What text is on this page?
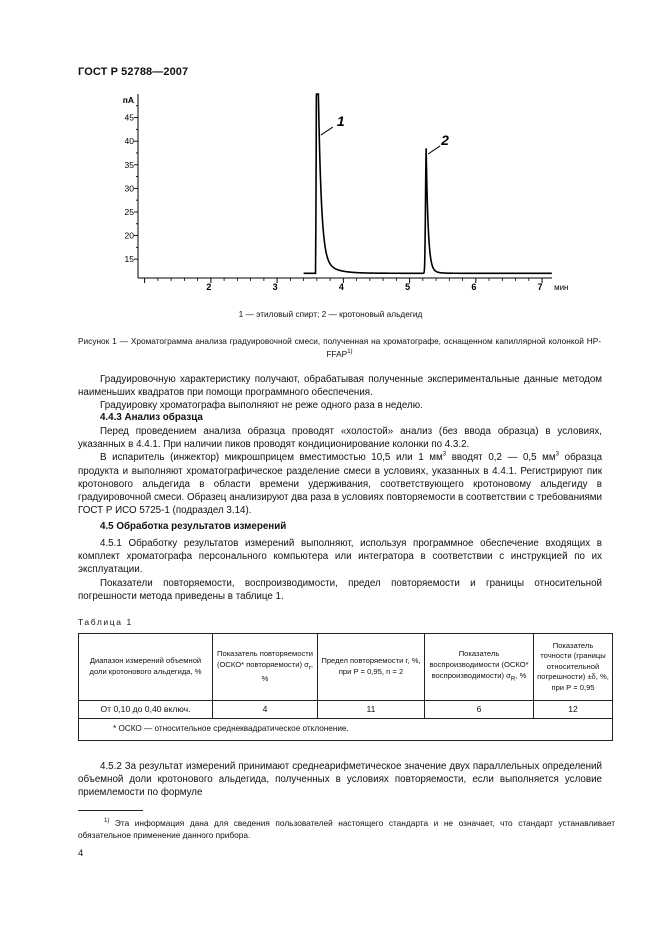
ГОСТ Р 52788—2007
2	3	4	5	6	7
15
20
25
30
35
40
45
пА
мин
1
2
1 — этиловый спирт; 2 — кротоновый альдегид
Рисунок 1 — Хроматограмма анализа градуировочной смеси, полученная на хроматографе, оснащенном капиллярной колонкой HP-FFAP$^{1)}$

Градуировочную характеристику получают, обрабатывая полученные экспериментальные данные методом наименьших квадратов при помощи программного обеспечения.

Градуировку хроматографа выполняют не реже одного раза в неделю.

4.4.3 Анализ образца

Перед проведением анализа образца проводят «холостой» анализ (без ввода образца) в условиях, указанных в 4.4.1. При наличии пиков проводят кондиционирование колонки по 4.3.2.

В испаритель (инжектор) микрошприцем вместимостью 10,5 или 1 $мм^3$ вводят 0,2 — 0,5 $мм^3$ образца продукта и выполняют хроматографическое разделение смеси в условиях, указанных в 4.4.1. Регистрируют пик кротонового альдегида в области времени удерживания, соответствующего кротоновому альдегиду в градуировочной смеси. Образец анализируют два раза в условиях повторяемости в соответствии с требованиями ГОСТ Р ИСО 5725-1 (подраздел 3.14).

4.5 Обработка результатов измерений

4.5.1 Обработку результатов измерений выполняют, используя программное обеспечение входящих в комплект хроматографа персонального компьютера или интегратора в соответствии с инструкцией по их эксплуатации.

Показатели повторяемости, воспроизводимости, предел повторяемости и границы относительной погрешности метода приведены в таблице 1.

Таблица 1
Диапазон измерений объемной доли кротонового альдегида, %	Показатель повторяемости (ОСКО* повторяемости) $\sigma_r$, %	Предел повторяемости r, %, при P = 0,95, n = 2	Показатель воспроизводимости (ОСКО* воспроизводимости) $\sigma_R$, %	Показатель точности (границы относительной погрешности) ±δ, %, при P = 0,95
От 0,10 до 0,40 включ.	4	11	6	12
* ОСКО — относительное среднеквадратическое отклонение.				

4.5.2 За результат измерений принимают среднеарифметическое значение двух параллельных определений объемной доли кротонового альдегида, полученных в условиях повторяемости, если выполняется условие приемлемости по формуле

$^{1)}$ Эта информация дана для сведения пользователей настоящего стандарта и не означает, что стандарт устанавливает обязательное применение данного прибора.
4
